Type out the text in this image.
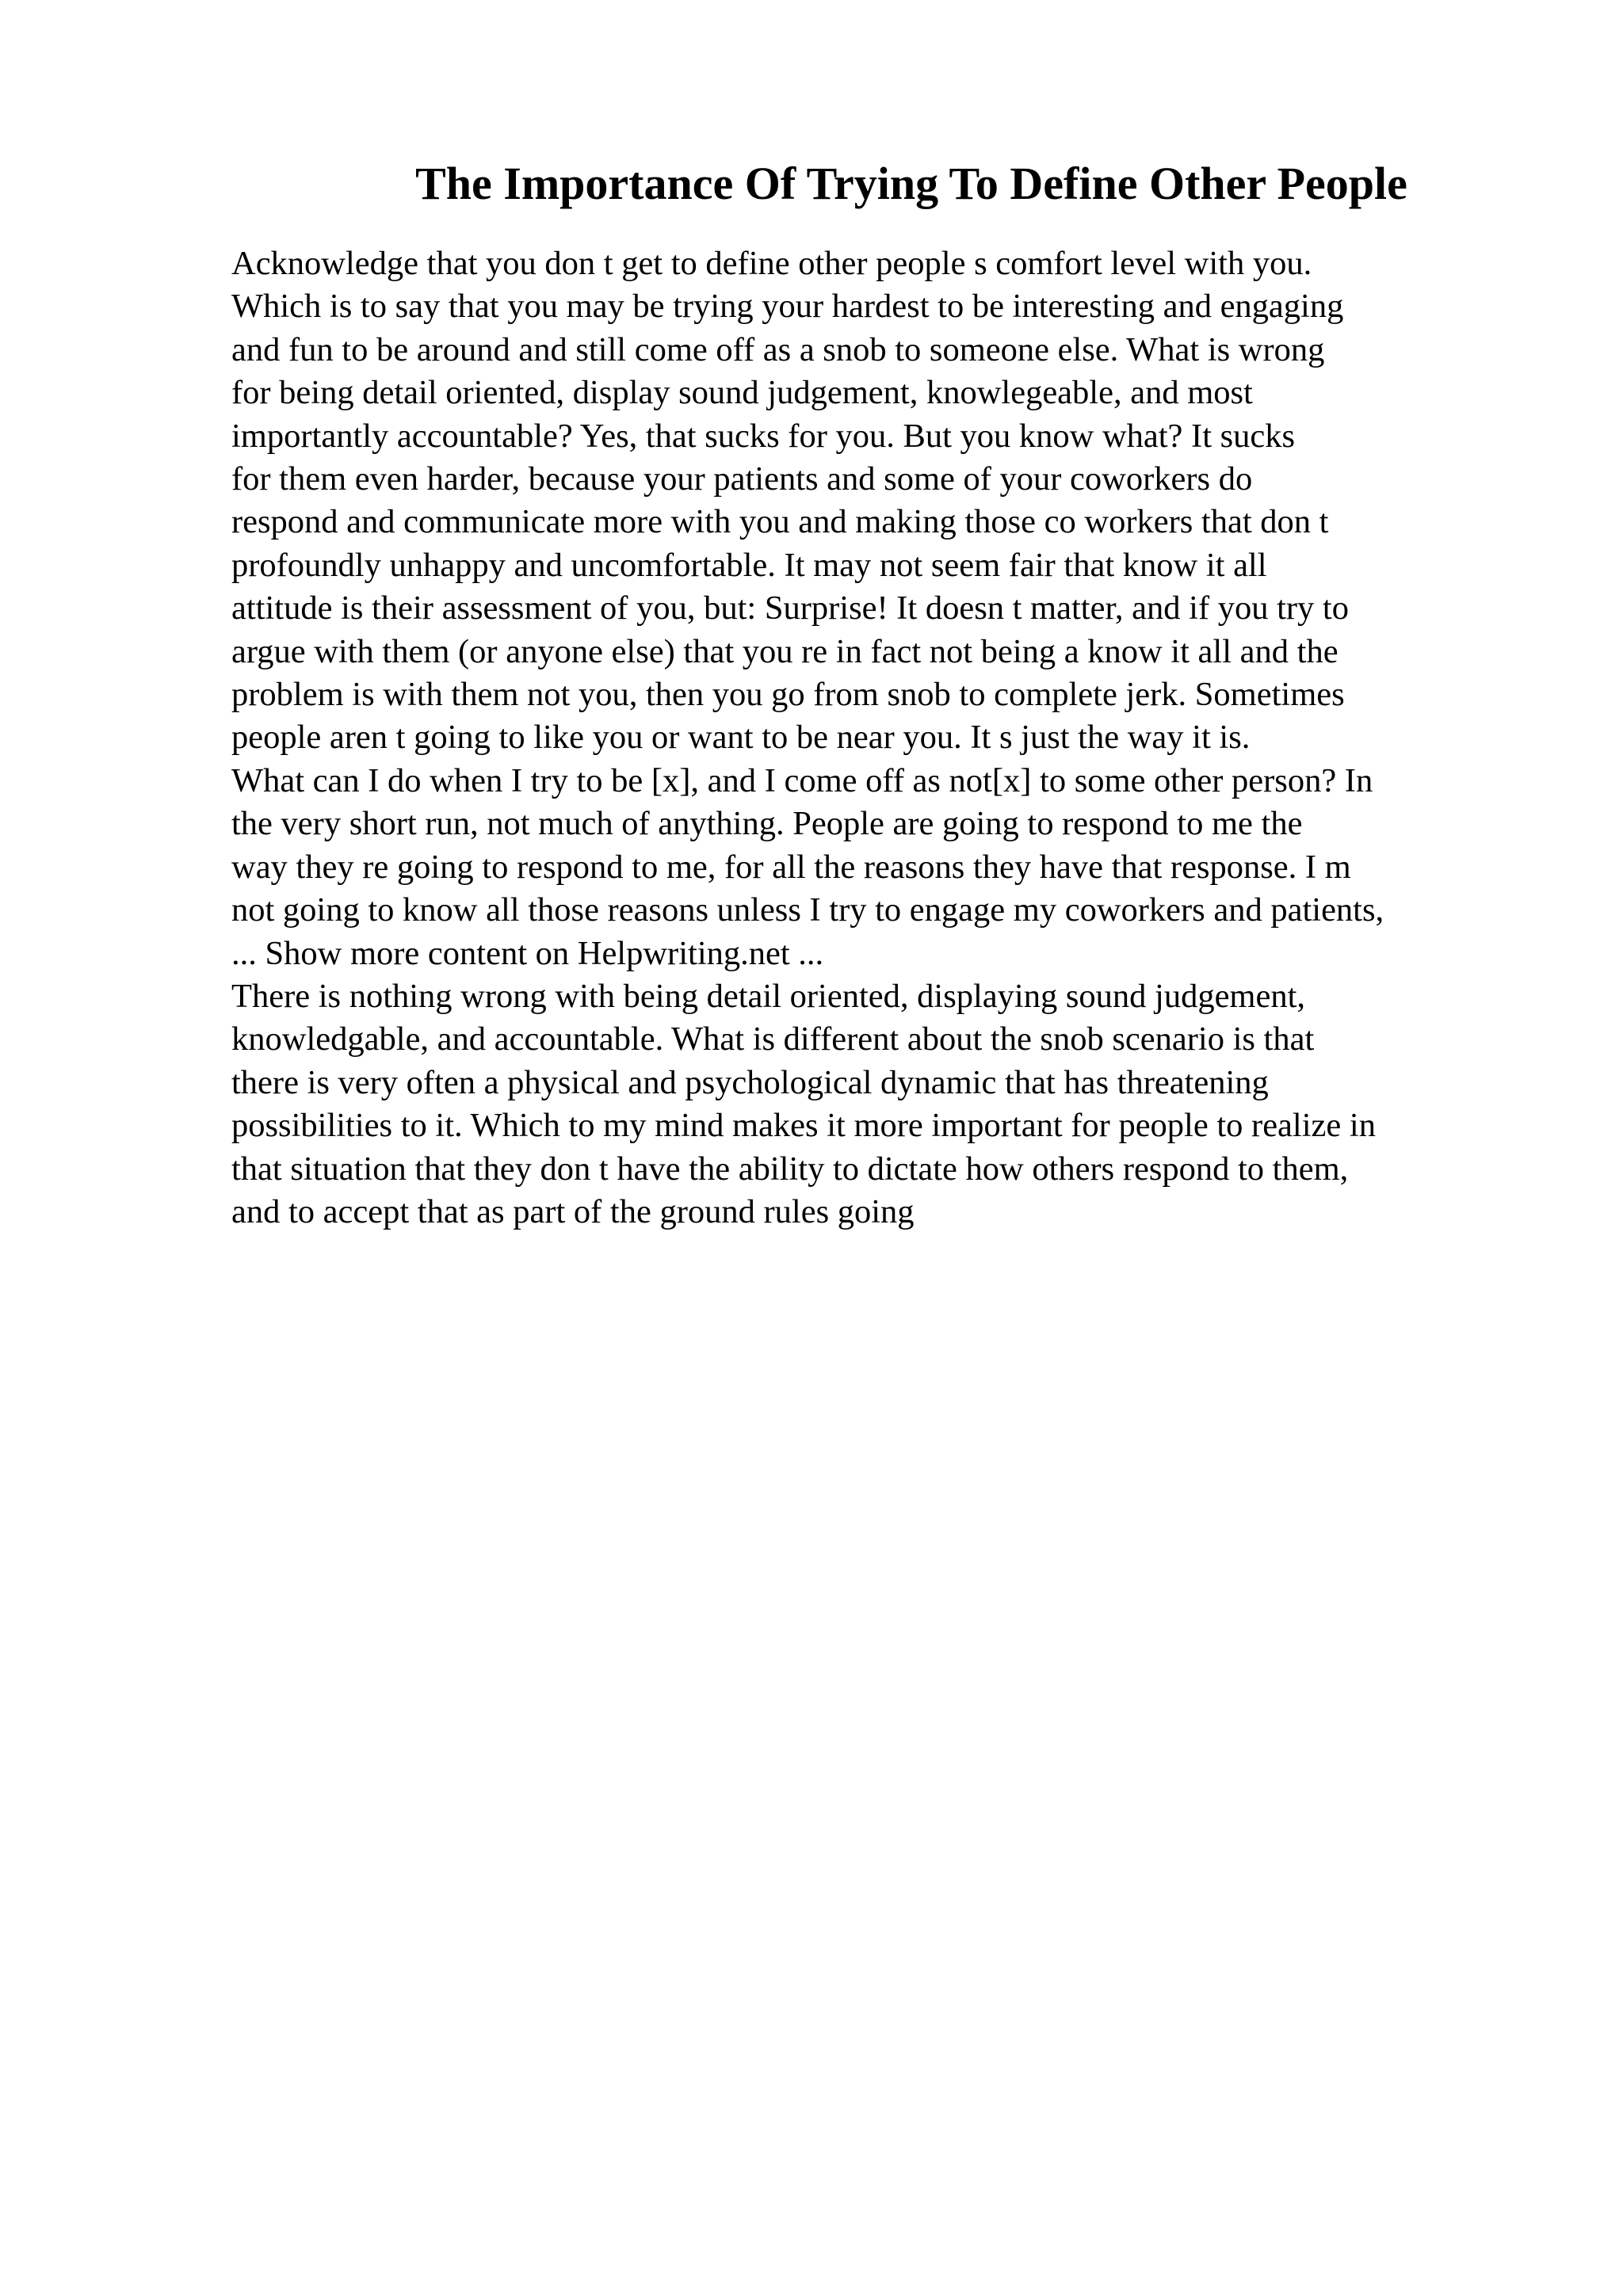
The Importance Of Trying To Define Other People
Acknowledge that you don t get to define other people s comfort level with you.
Which is to say that you may be trying your hardest to be interesting and engaging
and fun to be around and still come off as a snob to someone else. What is wrong
for being detail oriented, display sound judgement, knowlegeable, and most
importantly accountable? Yes, that sucks for you. But you know what? It sucks
for them even harder, because your patients and some of your coworkers do
respond and communicate more with you and making those co workers that don t
profoundly unhappy and uncomfortable. It may not seem fair that know it all
attitude is their assessment of you, but: Surprise! It doesn t matter, and if you try to
argue with them (or anyone else) that you re in fact not being a know it all and the
problem is with them not you, then you go from snob to complete jerk. Sometimes
people aren t going to like you or want to be near you. It s just the way it is.
What can I do when I try to be [x], and I come off as not[x] to some other person? In
the very short run, not much of anything. People are going to respond to me the
way they re going to respond to me, for all the reasons they have that response. I m
not going to know all those reasons unless I try to engage my coworkers and patients,
... Show more content on Helpwriting.net ...
There is nothing wrong with being detail oriented, displaying sound judgement,
knowledgable, and accountable. What is different about the snob scenario is that
there is very often a physical and psychological dynamic that has threatening
possibilities to it. Which to my mind makes it more important for people to realize in
that situation that they don t have the ability to dictate how others respond to them,
and to accept that as part of the ground rules going
